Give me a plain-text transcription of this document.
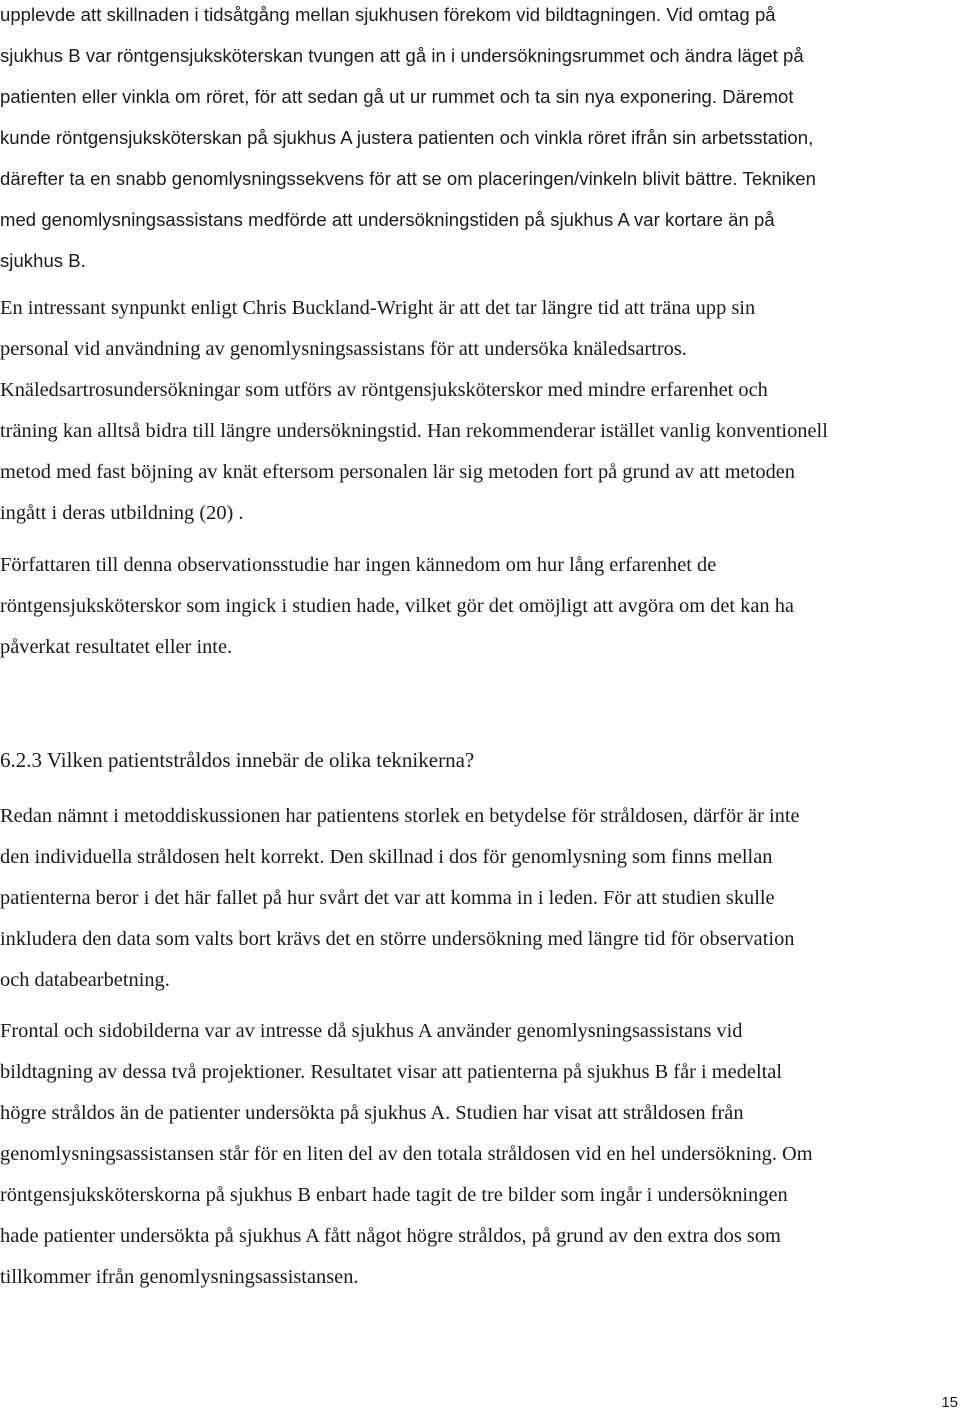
upplevde att skillnaden i tidsåtgång mellan sjukhusen förekom vid bildtagningen. Vid omtag på
sjukhus B var röntgensjuksköterskan tvungen att gå in i undersökningsrummet och ändra läget på
patienten eller vinkla om röret, för att sedan gå ut ur rummet och ta sin nya exponering. Däremot
kunde röntgensjuksköterskan på sjukhus A justera patienten och vinkla röret ifrån sin arbetsstation,
därefter ta en snabb genomlysningssekvens för att se om placeringen/vinkeln blivit bättre. Tekniken
med genomlysningsassistans medförde att undersökningstiden på sjukhus A var kortare än på
sjukhus B.
En intressant synpunkt enligt Chris Buckland-Wright är att det tar längre tid att träna upp sin
personal vid användning av genomlysningsassistans för att undersöka knäledsartros.
Knäledsartrosundersökningar som utförs av röntgensjuksköterskor med mindre erfarenhet och
träning kan alltså bidra till längre undersökningstid. Han rekommenderar istället vanlig konventionell
metod med fast böjning av knät eftersom personalen lär sig metoden fort på grund av att metoden
ingått i deras utbildning (20) .
Författaren till denna observationsstudie har ingen kännedom om hur lång erfarenhet de
röntgensjuksköterskor som ingick i studien hade, vilket gör det omöjligt att avgöra om det kan ha
påverkat resultatet eller inte.
6.2.3 Vilken patientstråldos innebär de olika teknikerna?
Redan nämnt i metoddiskussionen har patientens storlek en betydelse för stråldosen, därför är inte
den individuella stråldosen helt korrekt. Den skillnad i dos för genomlysning som finns mellan
patienterna beror i det här fallet på hur svårt det var att komma in i leden. För att studien skulle
inkludera den data som valts bort krävs det en större undersökning med längre tid för observation
och databearbetning.
Frontal och sidobilderna var av intresse då sjukhus A använder genomlysningsassistans vid
bildtagning av dessa två projektioner. Resultatet visar att patienterna på sjukhus B får i medeltal
högre stråldos än de patienter undersökta på sjukhus A. Studien har visat att stråldosen från
genomlysningsassistansen står för en liten del av den totala stråldosen vid en hel undersökning. Om
röntgensjuksköterskorna på sjukhus B enbart hade tagit de tre bilder som ingår i undersökningen
hade patienter undersökta på sjukhus A fått något högre stråldos, på grund av den extra dos som
tillkommer ifrån genomlysningsassistansen.
15
